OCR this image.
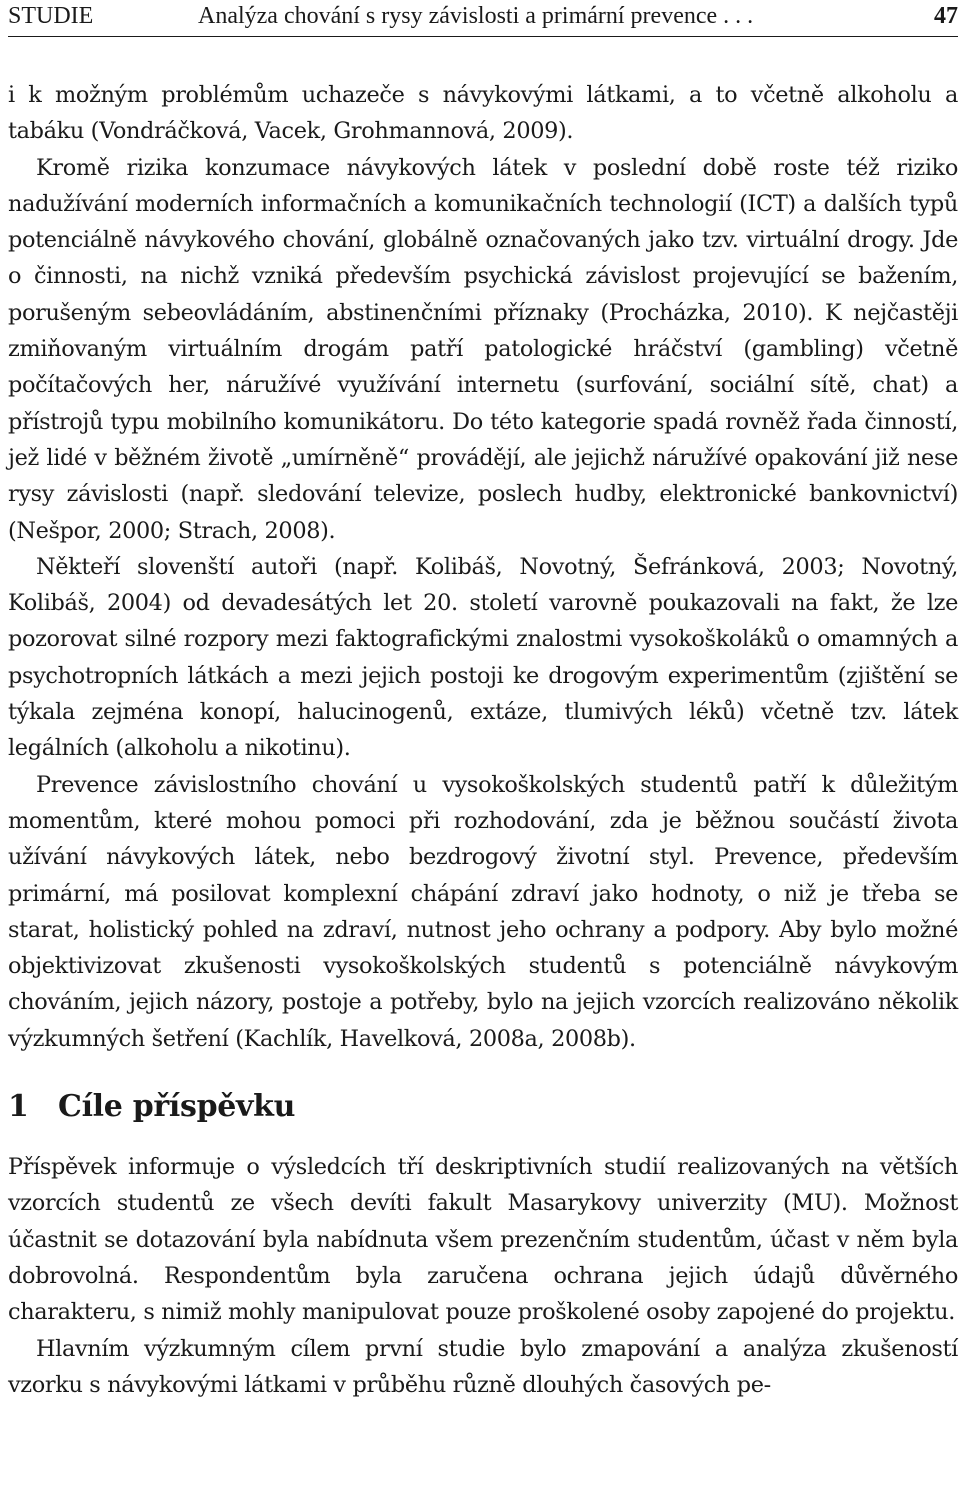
STUDIE	Analýza chování s rysy závislosti a primární prevence . . .	47

i k možným problémům uchazeče s návykovými látkami, a to včetně alkoholu a tabáku (Vondráčková, Vacek, Grohmannová, 2009).

Kromě rizika konzumace návykových látek v poslední době roste též riziko nadužívání moderních informačních a komunikačních technologií (ICT) a dalších typů potenciálně návykového chování, globálně označovaných jako tzv. virtuální drogy. Jde o činnosti, na nichž vzniká především psychická závislost projevující se bažením, porušeným sebeovládáním, abstinenčními příznaky (Procházka, 2010). K nejčastěji zmiňovaným virtuálním drogám patří patologické hráčství (gambling) včetně počítačových her, náružívé využívání internetu (surfování, sociální sítě, chat) a přístrojů typu mobilního komunikátoru. Do této kategorie spadá rovněž řada činností, jež lidé v běžném životě „umírněně“ provádějí, ale jejichž náružívé opakování již nese rysy závislosti (např. sledování televize, poslech hudby, elektronické bankovnictví) (Nešpor, 2000; Strach, 2008).

Někteří slovenští autoři (např. Kolibáš, Novotný, Šefránková, 2003; Novotný, Kolibáš, 2004) od devadesátých let 20. století varovně poukazovali na fakt, že lze pozorovat silné rozpory mezi faktografickými znalostmi vysokoškoláků o omamných a psychotropních látkách a mezi jejich postoji ke drogovým experimentům (zjištění se týkala zejména konopí, halucinogenů, extáze, tlumivých léků) včetně tzv. látek legálních (alkoholu a nikotinu).

Prevence závislostního chování u vysokoškolských studentů patří k důležitým momentům, které mohou pomoci při rozhodování, zda je běžnou součástí života užívání návykových látek, nebo bezdrogový životní styl. Prevence, především primární, má posilovat komplexní chápání zdraví jako hodnoty, o niž je třeba se starat, holistický pohled na zdraví, nutnost jeho ochrany a podpory. Aby bylo možné objektivizovat zkušenosti vysokoškolských studentů s potenciálně návykovým chováním, jejich názory, postoje a potřeby, bylo na jejich vzorcích realizováno několik výzkumných šetření (Kachlík, Havelková, 2008a, 2008b).

1 Cíle příspěvku

Příspěvek informuje o výsledcích tří deskriptivních studií realizovaných na větších vzorcích studentů ze všech devíti fakult Masarykovy univerzity (MU). Možnost účastnit se dotazování byla nabídnuta všem prezenčním studentům, účast v něm byla dobrovolná. Respondentům byla zaručena ochrana jejich údajů důvěrného charakteru, s nimiž mohly manipulovat pouze proškolené osoby zapojené do projektu.

Hlavním výzkumným cílem první studie bylo zmapování a analýza zkušeností vzorku s návykovými látkami v průběhu různě dlouhých časových pe-
